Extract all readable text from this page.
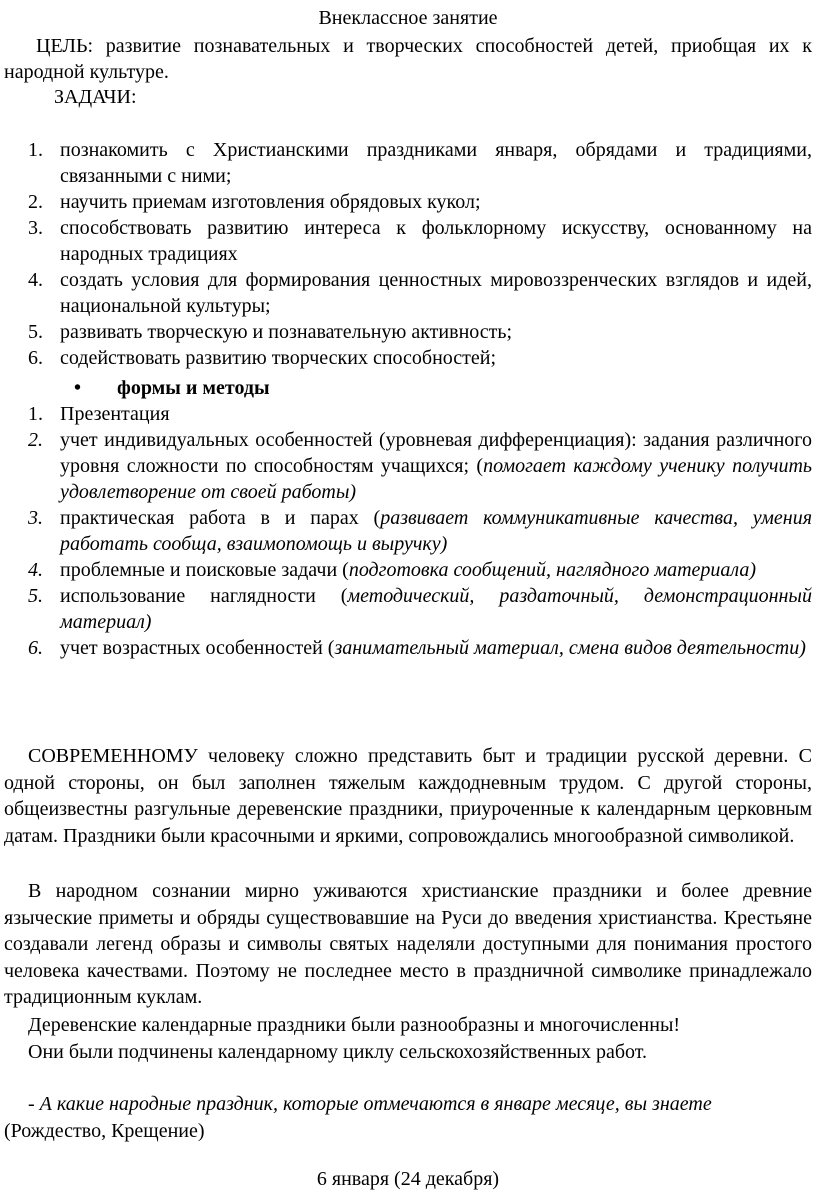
Внеклассное занятие

ЦЕЛЬ: развитие познавательных и творческих способностей детей, приобщая их к народной культуре.

ЗАДАЧИ:
1. познакомить с Христианскими праздниками января, обрядами и традициями, связанными с ними;
2. научить приемам изготовления обрядовых кукол;
3. способствовать развитию интереса к фольклорному искусству, основанному на народных традициях
4. создать условия для формирования ценностных мировоззренческих взглядов и идей, национальной культуры;
5. развивать творческую и познавательную активность;
6. содействовать развитию творческих способностей;
• формы и методы
1. Презентация
2. учет индивидуальных особенностей (уровневая дифференциация): задания различного уровня сложности по способностям учащихся; (помогает каждому ученику получить удовлетворение от своей работы)
3. практическая работа в и парах (развивает коммуникативные качества, умения работать сообща, взаимопомощь и выручку)
4. проблемные и поисковые задачи (подготовка сообщений, наглядного материала)
5. использование наглядности (методический, раздаточный, демонстрационный материал)
6. учет возрастных особенностей (занимательный материал, смена видов деятельности)

СОВРЕМЕННОМУ человеку сложно представить быт и традиции русской деревни. С одной стороны, он был заполнен тяжелым каждодневным трудом. С другой стороны, общеизвестны разгульные деревенские праздники, приуроченные к календарным церковным датам. Праздники были красочными и яркими, сопровождались многообразной символикой.

В народном сознании мирно уживаются христианские праздники и более древние языческие приметы и обряды существовавшие на Руси до введения христианства. Крестьяне создавали легенд образы и символы святых наделяли доступными для понимания простого человека качествами. Поэтому не последнее место в праздничной символике принадлежало традиционным куклам.

Деревенские календарные праздники были разнообразны и многочисленны!

Они были подчинены календарному циклу сельскохозяйственных работ.

- А какие народные праздник, которые отмечаются в январе месяце, вы знаете (Рождество, Крещение)

6 января (24 декабря)
